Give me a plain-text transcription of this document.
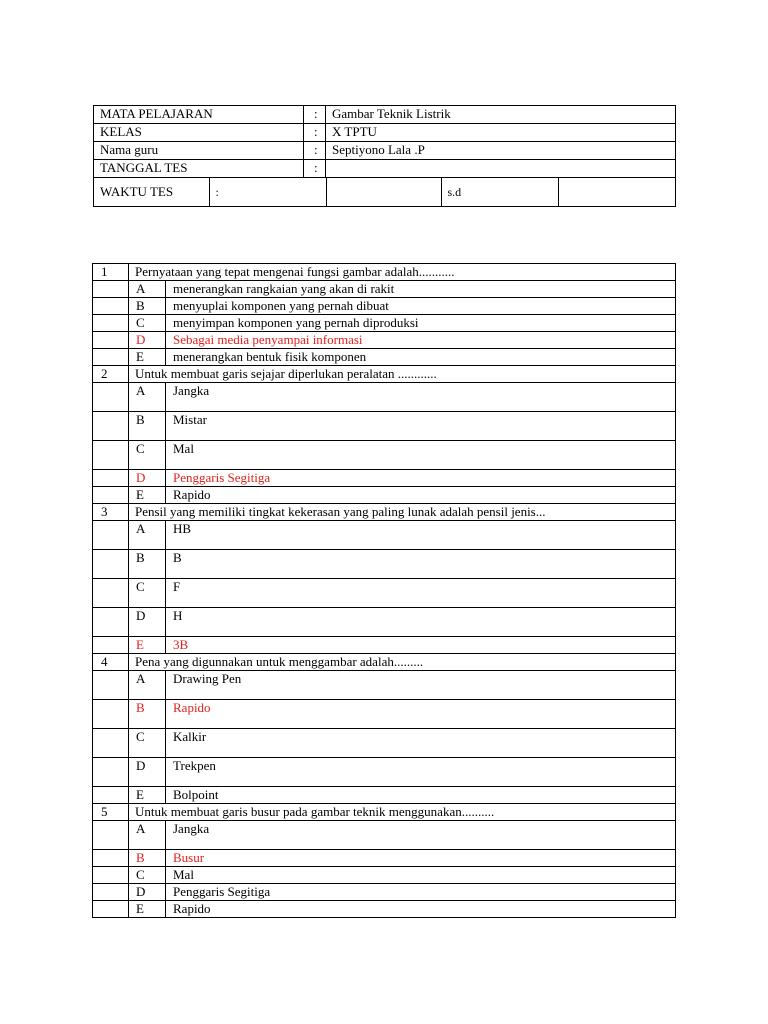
MATA PELAJARAN	:	Gambar Teknik Listrik
KELAS	:	X TPTU
Nama guru	:	Septiyono Lala .P
TANGGAL TES	:	

WAKTU TES	:		s.d	
1	Pernyataan yang tepat mengenai fungsi gambar adalah...........	
	A	menerangkan rangkaian yang akan di rakit
	B	menyuplai komponen yang pernah dibuat
	C	menyimpan komponen yang pernah diproduksi
	D	Sebagai media penyampai informasi
	E	menerangkan bentuk fisik komponen
2	Untuk membuat garis sejajar diperlukan peralatan ............	
	A	Jangka
	B	Mistar
	C	Mal
	D	Penggaris Segitiga
	E	Rapido
3	Pensil yang memiliki tingkat kekerasan yang paling lunak adalah pensil jenis...	
	A	HB
	B	B
	C	F
	D	H
	E	3B
4	Pena yang digunnakan untuk menggambar adalah.........	
	A	Drawing Pen
	B	Rapido
	C	Kalkir
	D	Trekpen
	E	Bolpoint
5	Untuk membuat garis busur pada gambar teknik menggunakan..........	
	A	Jangka
	B	Busur
	C	Mal
	D	Penggaris Segitiga
	E	Rapido
